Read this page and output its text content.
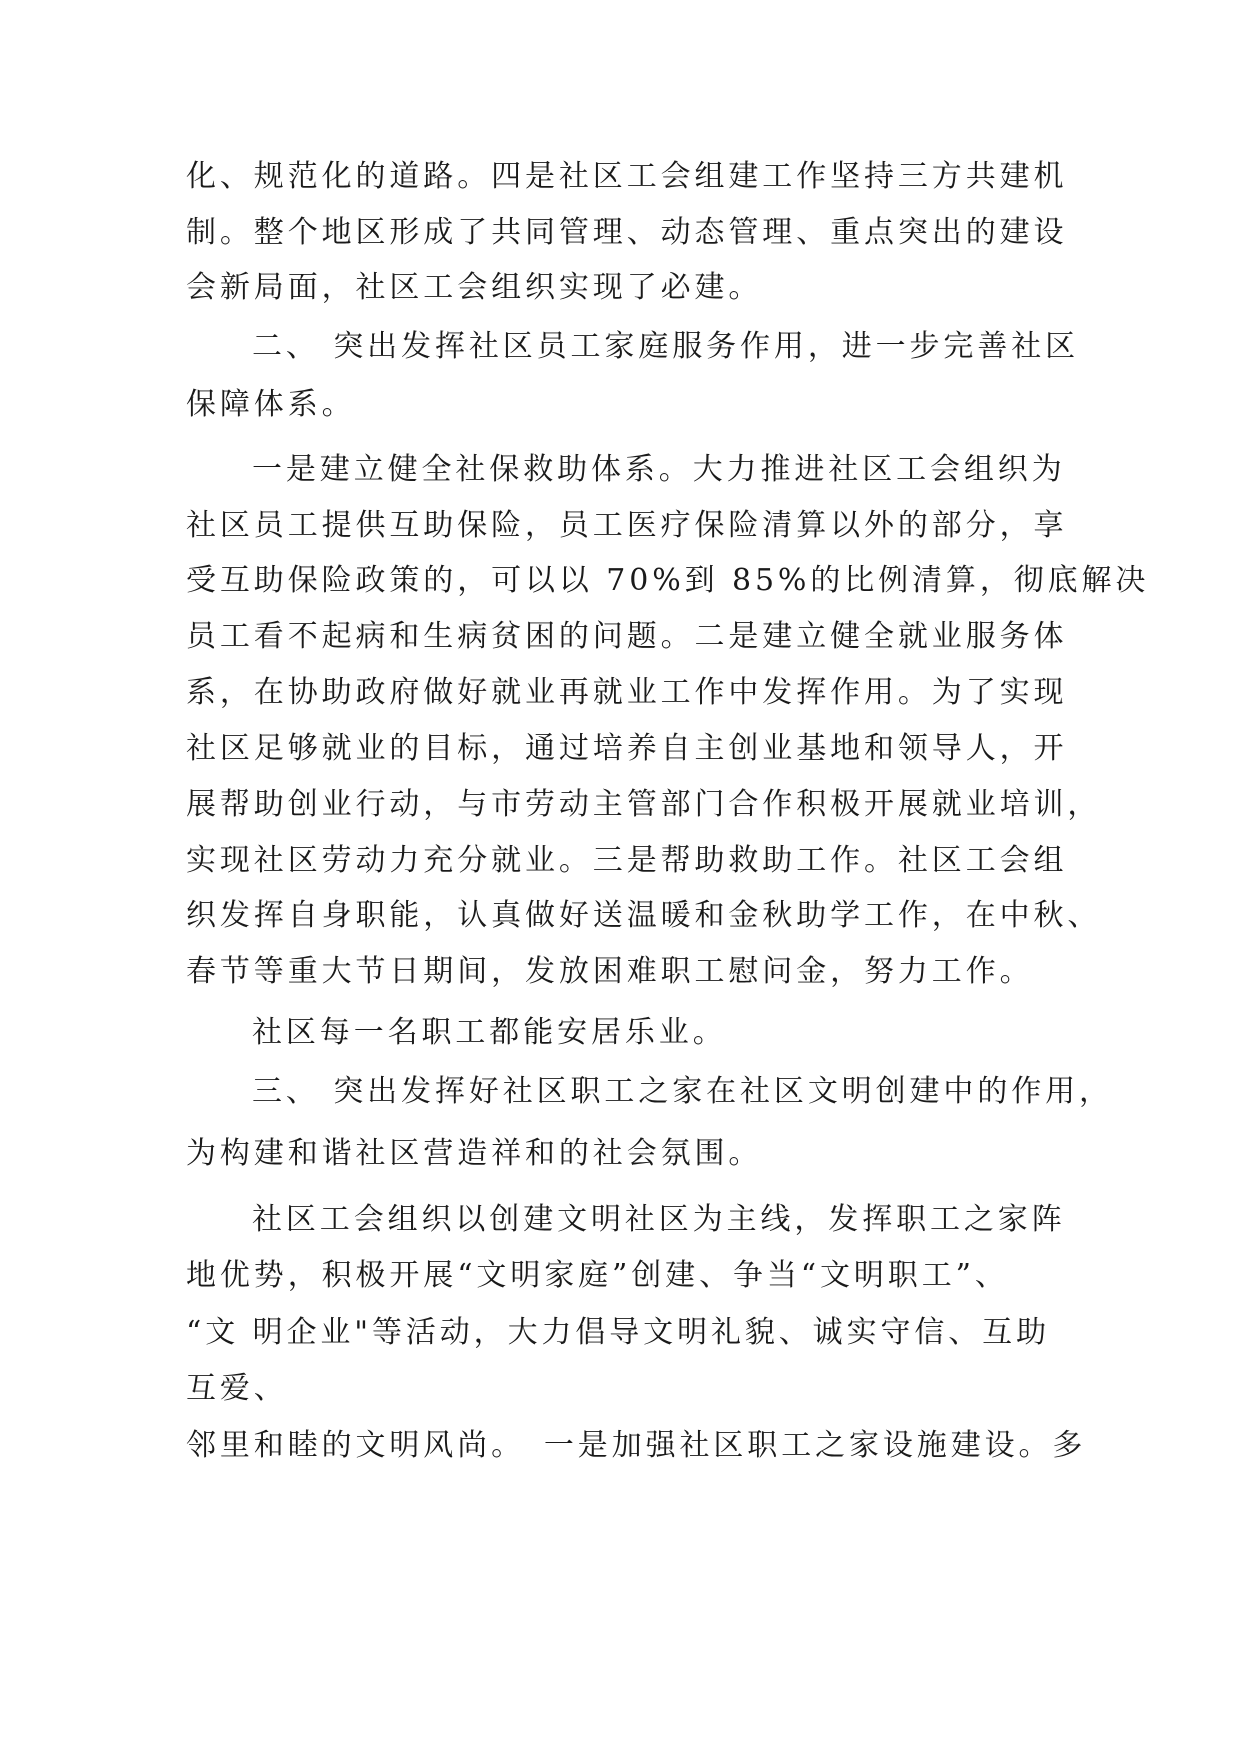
化、规范化的道路。四是社区工会组建工作坚持三方共建机
制。整个地区形成了共同管理、动态管理、重点突出的建设
会新局面，社区工会组织实现了必建。
二、 突出发挥社区员工家庭服务作用，进一步完善社区
保障体系。
一是建立健全社保救助体系。大力推进社区工会组织为
社区员工提供互助保险，员工医疗保险清算以外的部分，享
受互助保险政策的，可以以 70%到 85%的比例清算，彻底解决
员工看不起病和生病贫困的问题。二是建立健全就业服务体
系，在协助政府做好就业再就业工作中发挥作用。为了实现
社区足够就业的目标，通过培养自主创业基地和领导人，开
展帮助创业行动，与市劳动主管部门合作积极开展就业培训，
实现社区劳动力充分就业。三是帮助救助工作。社区工会组
织发挥自身职能，认真做好送温暖和金秋助学工作，在中秋、
春节等重大节日期间，发放困难职工慰问金，努力工作。
社区每一名职工都能安居乐业。
三、 突出发挥好社区职工之家在社区文明创建中的作用，
为构建和谐社区营造祥和的社会氛围。
社区工会组织以创建文明社区为主线，发挥职工之家阵
地优势，积极开展“文明家庭”创建、争当“文明职工”、
“文 明企业"等活动，大力倡导文明礼貌、诚实守信、互助
互爱、
邻里和睦的文明风尚。　一是加强社区职工之家设施建设。多
